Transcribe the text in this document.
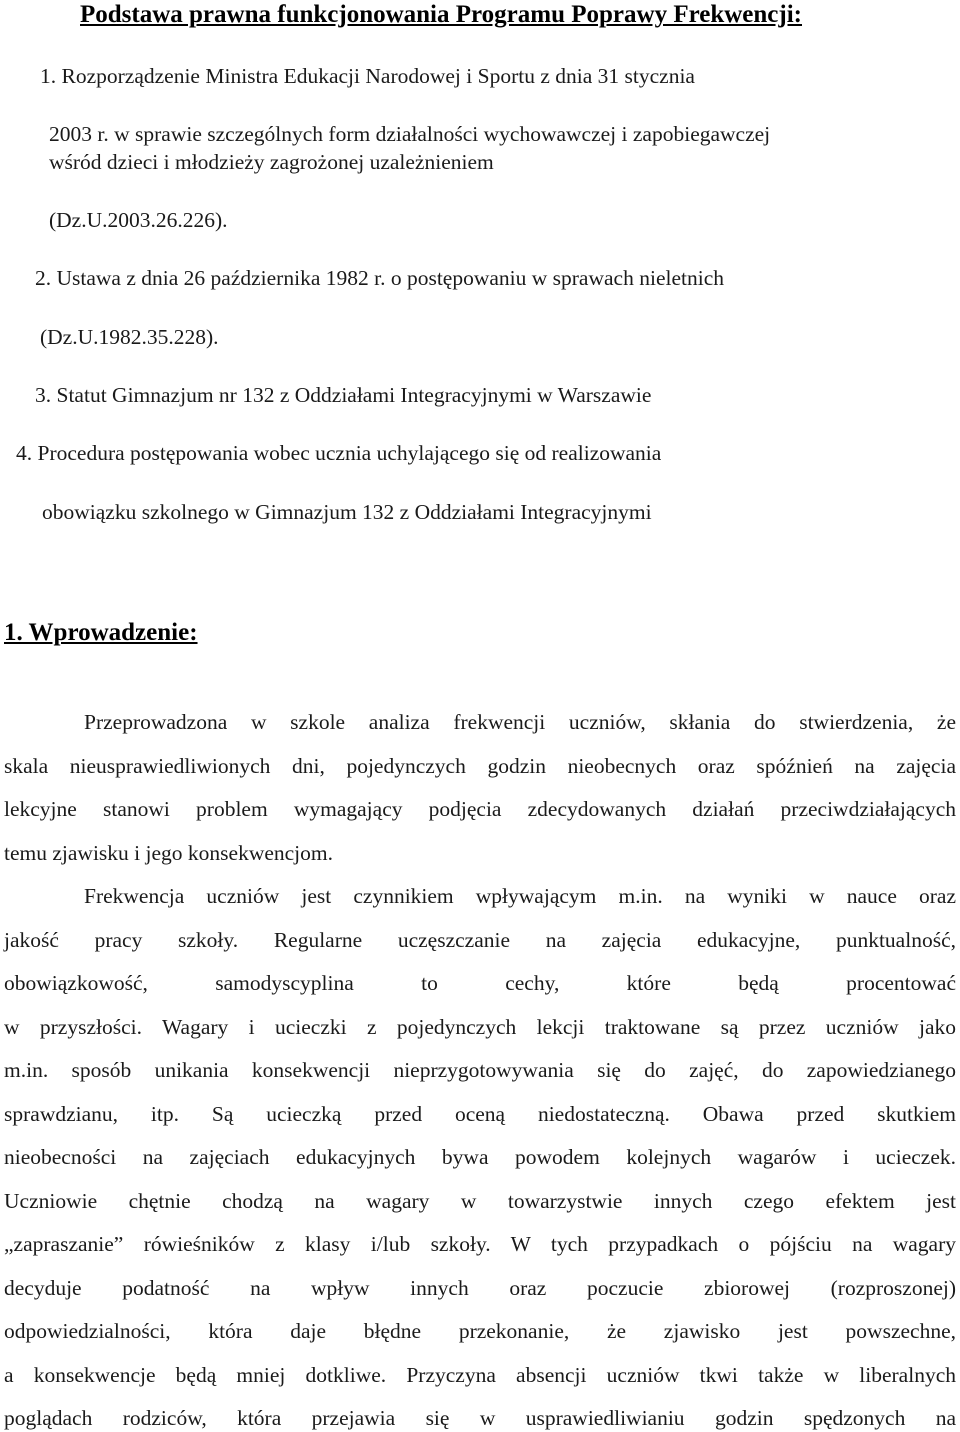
Podstawa prawna funkcjonowania Programu Poprawy Frekwencji:
1. Rozporządzenie Ministra Edukacji Narodowej i Sportu z dnia 31 stycznia
2003 r. w sprawie szczególnych form działalności wychowawczej i zapobiegawczej
wśród dzieci i młodzieży zagrożonej uzależnieniem
(Dz.U.2003.26.226).
2. Ustawa z dnia 26 października 1982 r. o postępowaniu w sprawach nieletnich
(Dz.U.1982.35.228).
3. Statut Gimnazjum nr 132 z Oddziałami Integracyjnymi w Warszawie
4. Procedura postępowania wobec ucznia uchylającego się od realizowania
obowiązku szkolnego w Gimnazjum 132 z Oddziałami Integracyjnymi
1. Wprowadzenie:
Przeprowadzona w szkole analiza frekwencji uczniów, skłania do stwierdzenia, że
skala nieusprawiedliwionych dni, pojedynczych godzin nieobecnych oraz spóźnień na zajęcia
lekcyjne stanowi problem wymagający podjęcia zdecydowanych działań przeciwdziałających
temu zjawisku i jego konsekwencjom.
Frekwencja uczniów jest czynnikiem wpływającym m.in. na wyniki w nauce oraz
jakość pracy szkoły. Regularne uczęszczanie na zajęcia edukacyjne, punktualność,
obowiązkowość, samodyscyplina to cechy, które będą procentować
w przyszłości. Wagary i ucieczki z pojedynczych lekcji traktowane są przez uczniów jako
m.in. sposób unikania konsekwencji nieprzygotowywania się do zajęć, do zapowiedzianego
sprawdzianu, itp. Są ucieczką przed oceną niedostateczną. Obawa przed skutkiem
nieobecności na zajęciach edukacyjnych bywa powodem kolejnych wagarów i ucieczek.
Uczniowie chętnie chodzą na wagary w towarzystwie innych czego efektem jest
„zapraszanie” rówieśników z klasy i/lub szkoły. W tych przypadkach o pójściu na wagary
decyduje podatność na wpływ innych oraz poczucie zbiorowej (rozproszonej)
odpowiedzialności, która daje błędne przekonanie, że zjawisko jest powszechne,
a konsekwencje będą mniej dotkliwe. Przyczyna absencji uczniów tkwi także w liberalnych
poglądach rodziców, która przejawia się w usprawiedliwianiu godzin spędzonych na
